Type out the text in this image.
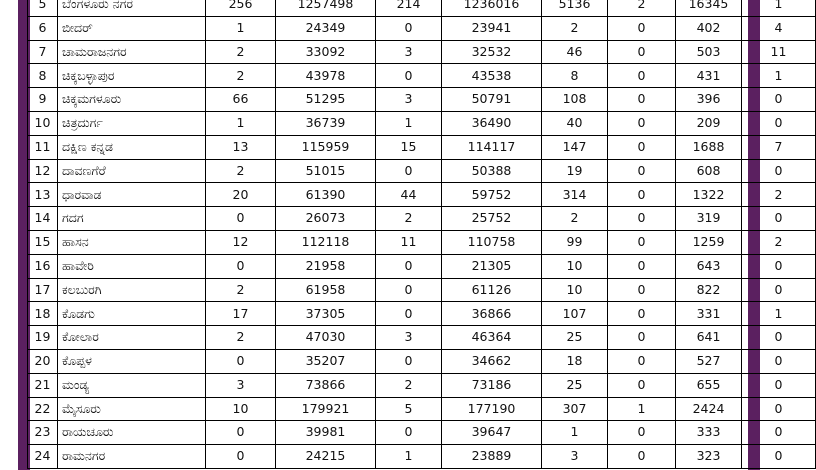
5	ಬೆಂಗಳೂರು ನಗರ	256	1257498	214	1236016	5136	2	16345	1
6	ಬೀದರ್	1	24349	0	23941	2	0	402	4
7	ಚಾಮರಾಜನಗರ	2	33092	3	32532	46	0	503	11
8	ಚಿಕ್ಕಬಳ್ಳಾಪುರ	2	43978	0	43538	8	0	431	1
9	ಚಿಕ್ಕಮಗಳೂರು	66	51295	3	50791	108	0	396	0
10	ಚಿತ್ರದುರ್ಗ	1	36739	1	36490	40	0	209	0
11	ದಕ್ಷಿಣ ಕನ್ನಡ	13	115959	15	114117	147	0	1688	7
12	ದಾವಣಗೆರೆ	2	51015	0	50388	19	0	608	0
13	ಧಾರವಾಡ	20	61390	44	59752	314	0	1322	2
14	ಗದಗ	0	26073	2	25752	2	0	319	0
15	ಹಾಸನ	12	112118	11	110758	99	0	1259	2
16	ಹಾವೇರಿ	0	21958	0	21305	10	0	643	0
17	ಕಲಬುರಗಿ	2	61958	0	61126	10	0	822	0
18	ಕೊಡಗು	17	37305	0	36866	107	0	331	1
19	ಕೋಲಾರ	2	47030	3	46364	25	0	641	0
20	ಕೊಪ್ಪಳ	0	35207	0	34662	18	0	527	0
21	ಮಂಡ್ಯ	3	73866	2	73186	25	0	655	0
22	ಮೈಸೂರು	10	179921	5	177190	307	1	2424	0
23	ರಾಯಚೂರು	0	39981	0	39647	1	0	333	0
24	ರಾಮನಗರ	0	24215	1	23889	3	0	323	0
